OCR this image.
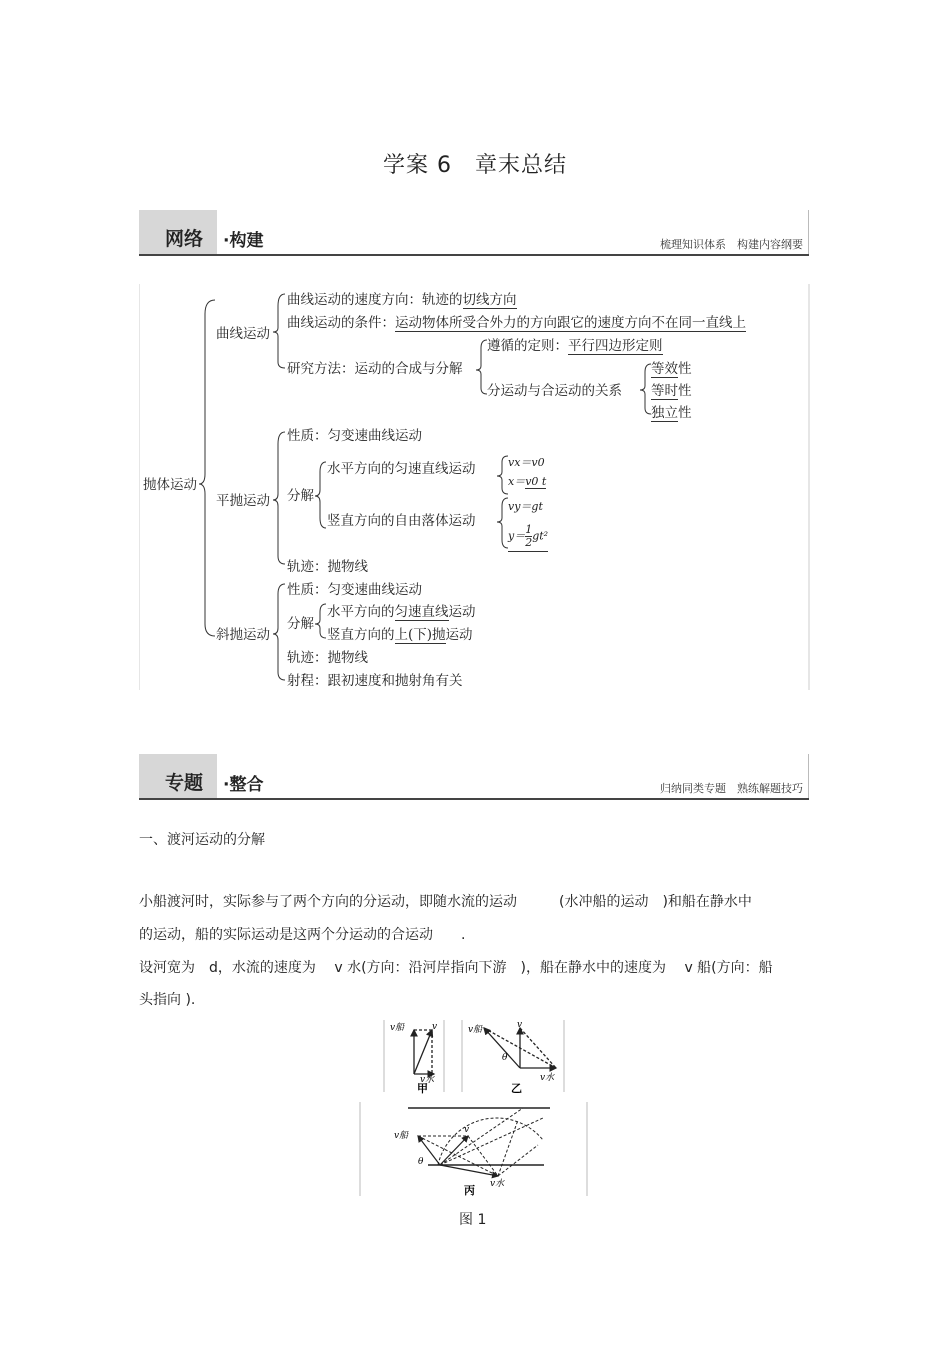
学案 6　章末总结
网络 ·构建	梳理知识体系　构建内容纲要
抛体运动
曲线运动
曲线运动的速度方向：轨迹的切线方向
曲线运动的条件：运动物体所受合外力的方向跟它的速度方向不在同一直线上
研究方法：运动的合成与分解
遵循的定则：平行四边形定则
分运动与合运动的关系
等效性
等时性
独立性
平抛运动
性质：匀变速曲线运动
分解
水平方向的匀速直线运动	vx＝v0
x＝v0 t
竖直方向的自由落体运动
vy＝gt
$y= \frac{1}{2} gt^2$
轨迹：抛物线
斜抛运动
性质：匀变速曲线运动
分解
水平方向的匀速直线运动
竖直方向的上(下)抛运动
轨迹：抛物线
射程：跟初速度和抛射角有关
专题 ·整合	归纳同类专题　熟练解题技巧
一、渡河运动的分解
小船渡河时，实际参与了两个方向的分运动，即随水流的运动　　　(水冲船的运动　)和船在静水中
的运动，船的实际运动是这两个分运动的合运动　　.
设河宽为　d，水流的速度为　 v 水(方向：沿河岸指向下游　)，船在静水中的速度为　 v 船(方向：船
头指向 ).
v船	v
v水
v船	v
θ
v水
甲	乙
v船
v
θ
v水
丙
图 1
